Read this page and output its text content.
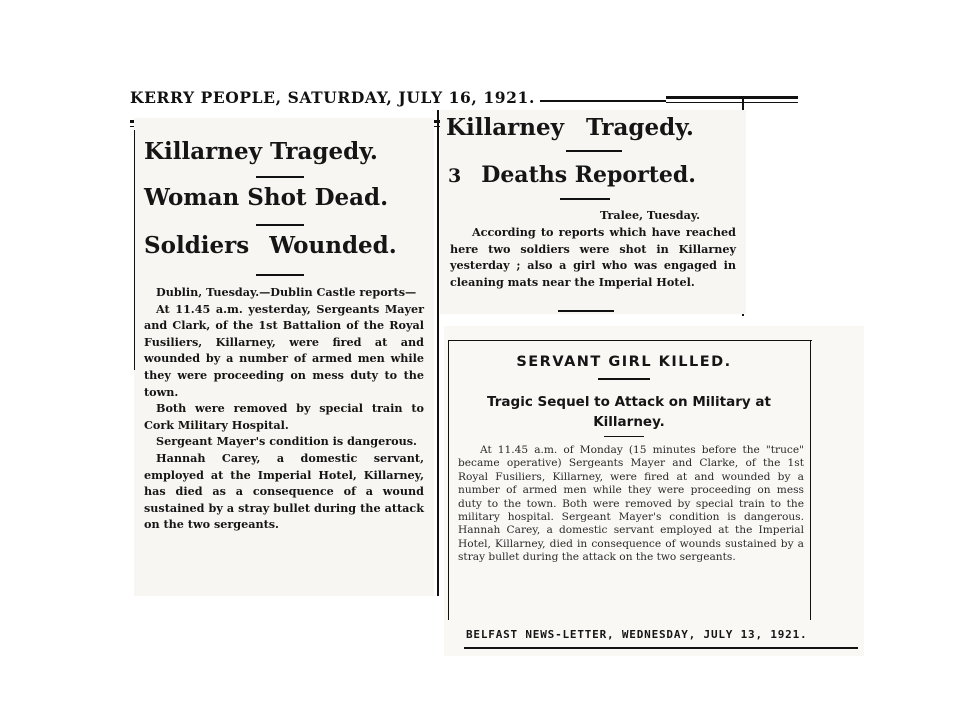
KERRY PEOPLE, SATURDAY, JULY 16, 1921.
Killarney Tragedy.
Woman Shot Dead.
Soldiers Wounded.

Dublin, Tuesday.—Dublin Castle reports—

At 11.45 a.m. yesterday, Sergeants Mayer and Clark, of the 1st Battalion of the Royal Fusiliers, Killarney, were fired at and wounded by a number of armed men while they were proceeding on mess duty to the town.

Both were removed by special train to Cork Military Hospital.

Sergeant Mayer's condition is dangerous.

Hannah Carey, a domestic servant, employed at the Imperial Hotel, Killarney, has died as a consequence of a wound sustained by a stray bullet during the attack on the two sergeants.

Killarney Tragedy.
3 Deaths Reported.
Tralee, Tuesday.
According to reports which have reached here two soldiers were shot in Killarney yesterday ; also a girl who was engaged in cleaning mats near the Imperial Hotel.
SERVANT GIRL KILLED.
Tragic Sequel to Attack on Military at Killarney.
At 11.45 a.m. of Monday (15 minutes before the "truce" became operative) Sergeants Mayer and Clarke, of the 1st Royal Fusiliers, Killarney, were fired at and wounded by a number of armed men while they were proceeding on mess duty to the town. Both were removed by special train to the military hospital. Sergeant Mayer's condition is dangerous. Hannah Carey, a domestic servant employed at the Imperial Hotel, Killarney, died in consequence of wounds sustained by a stray bullet during the attack on the two sergeants.
BELFAST NEWS-LETTER, WEDNESDAY, JULY 13, 1921.
